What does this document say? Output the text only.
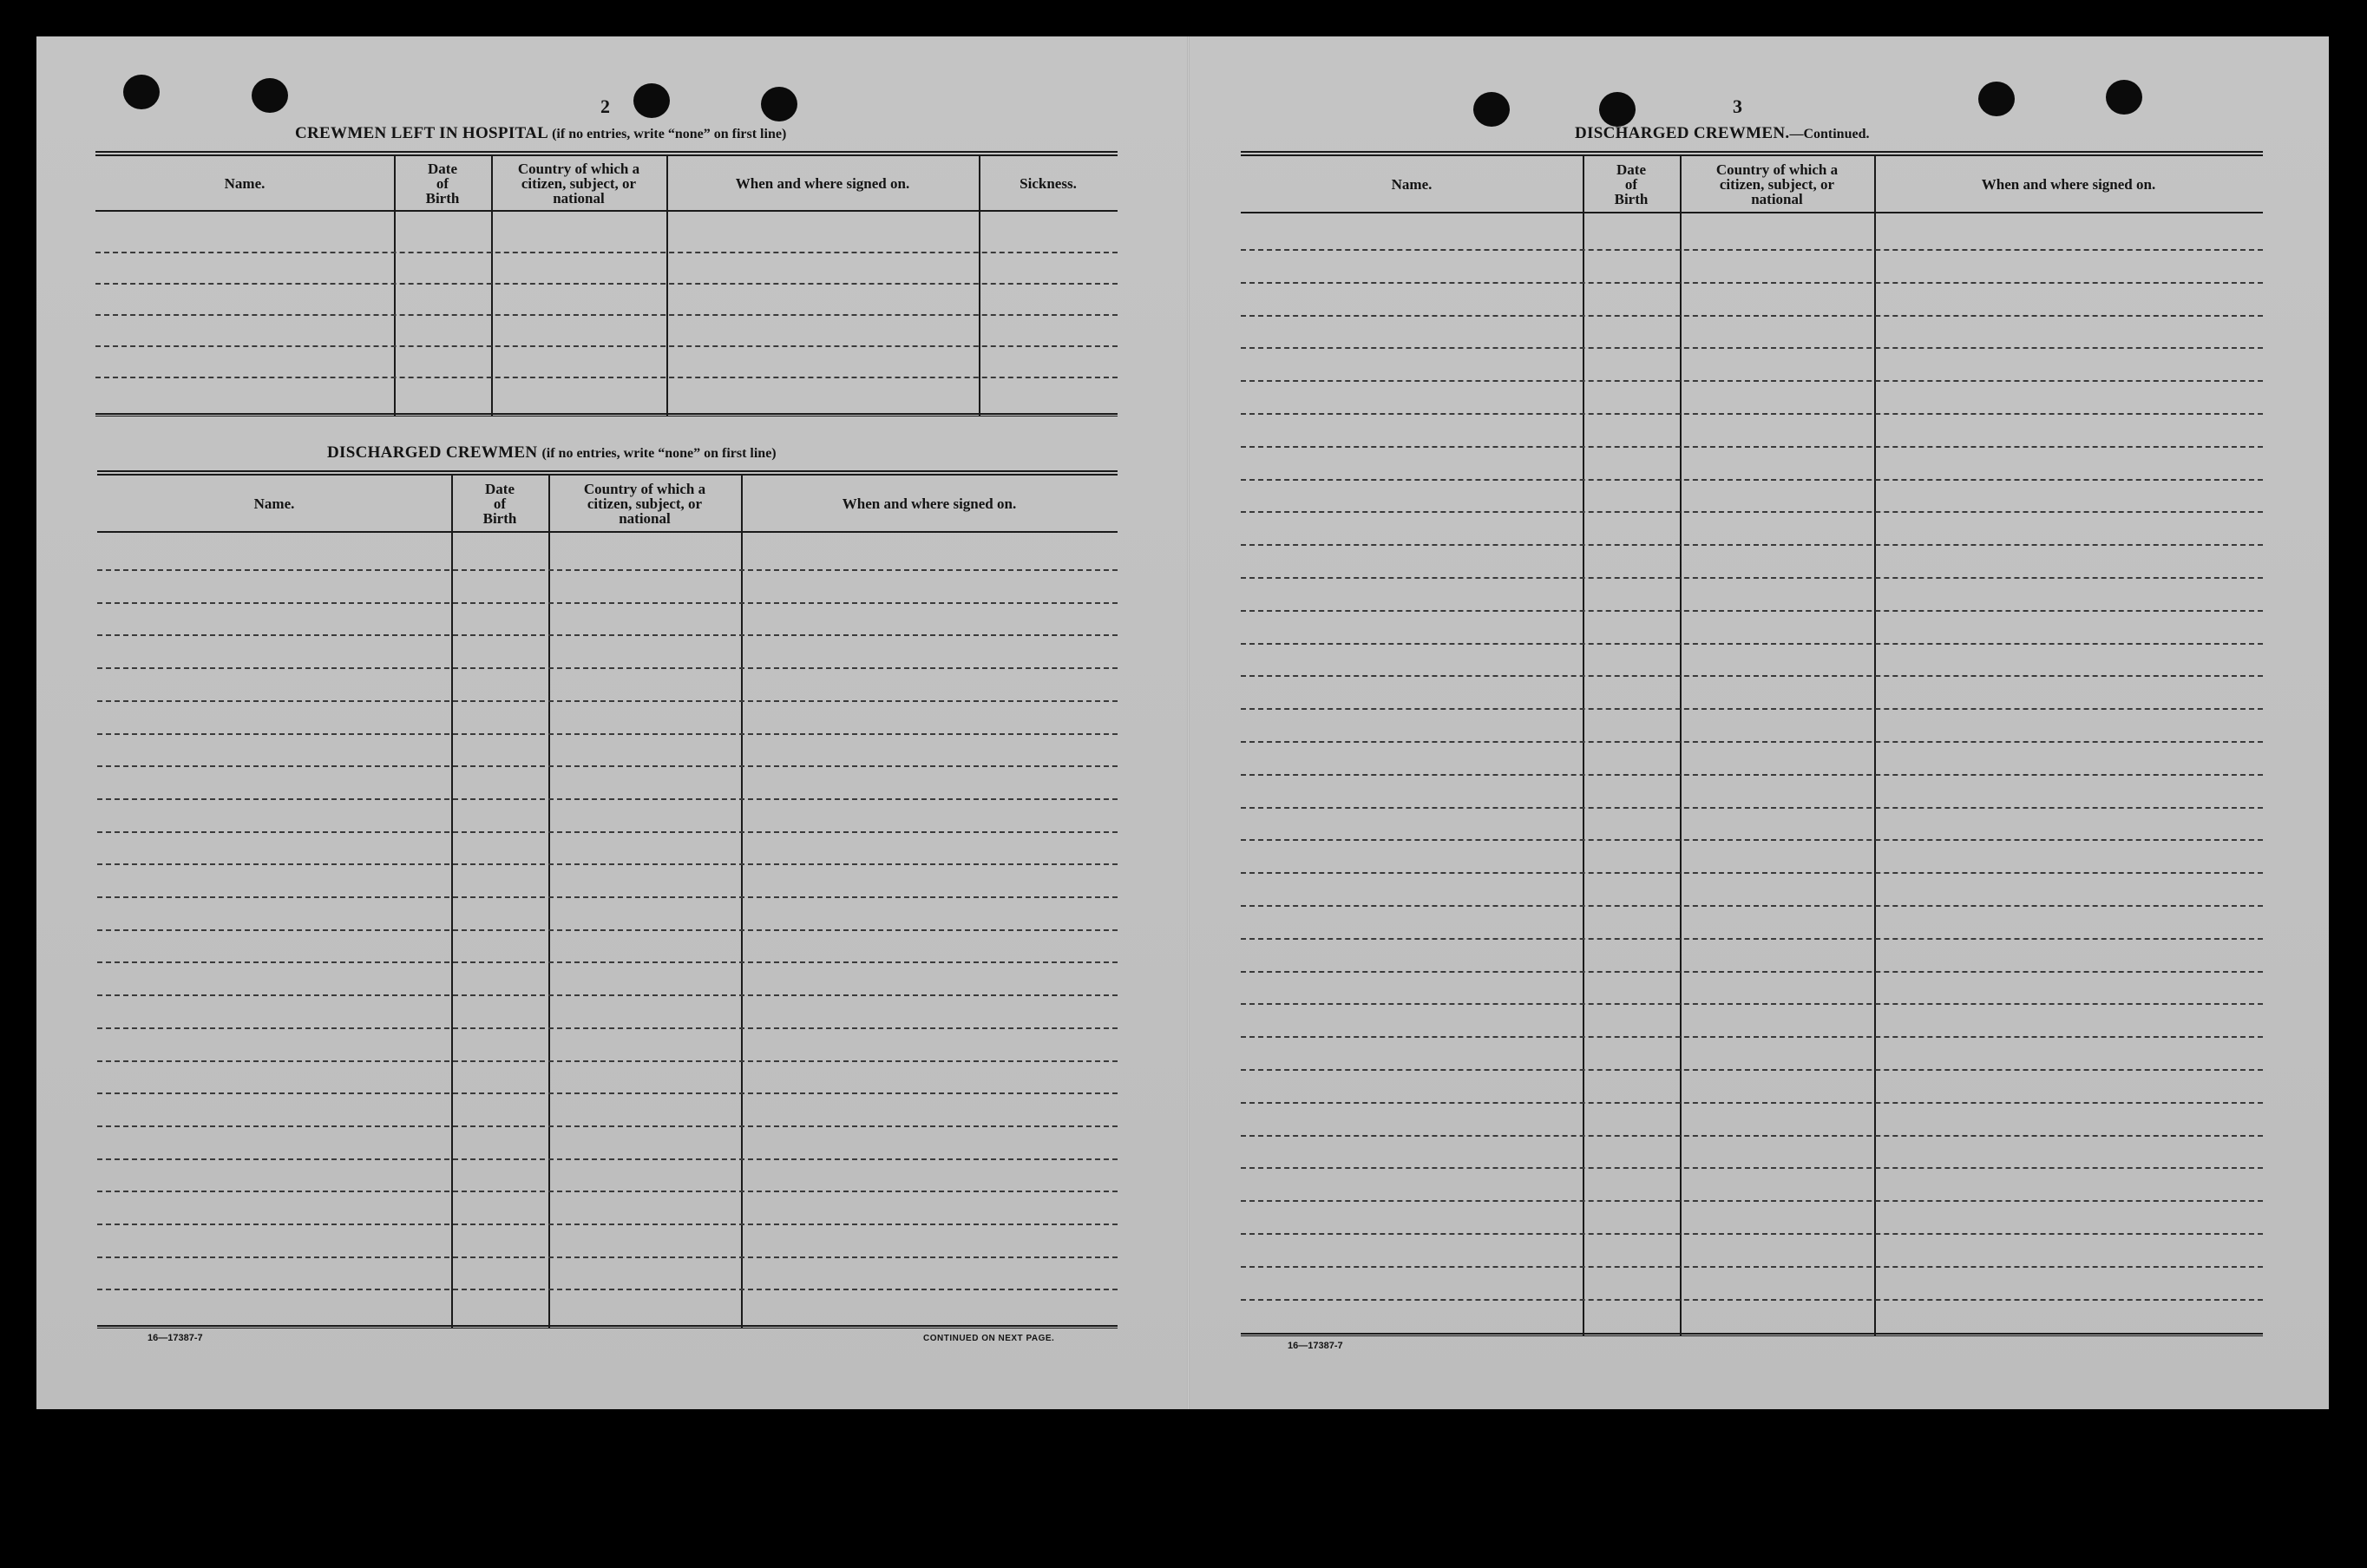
2
CREWMEN LEFT IN HOSPITAL (if no entries, write “none” on first line)
Name.
Date
of
Birth
Country of which a
citizen, subject, or
national
When and where signed on.	Sickness.
DISCHARGED CREWMEN (if no entries, write “none” on first line)
Name.
Date
of
Birth
Country of which a
citizen, subject, or
national
When and where signed on.
16—17387-7	CONTINUED ON NEXT PAGE.
3
DISCHARGED CREWMEN.—Continued.
Name.
Date
of
Birth
Country of which a
citizen, subject, or
national
When and where signed on.
16—17387-7
